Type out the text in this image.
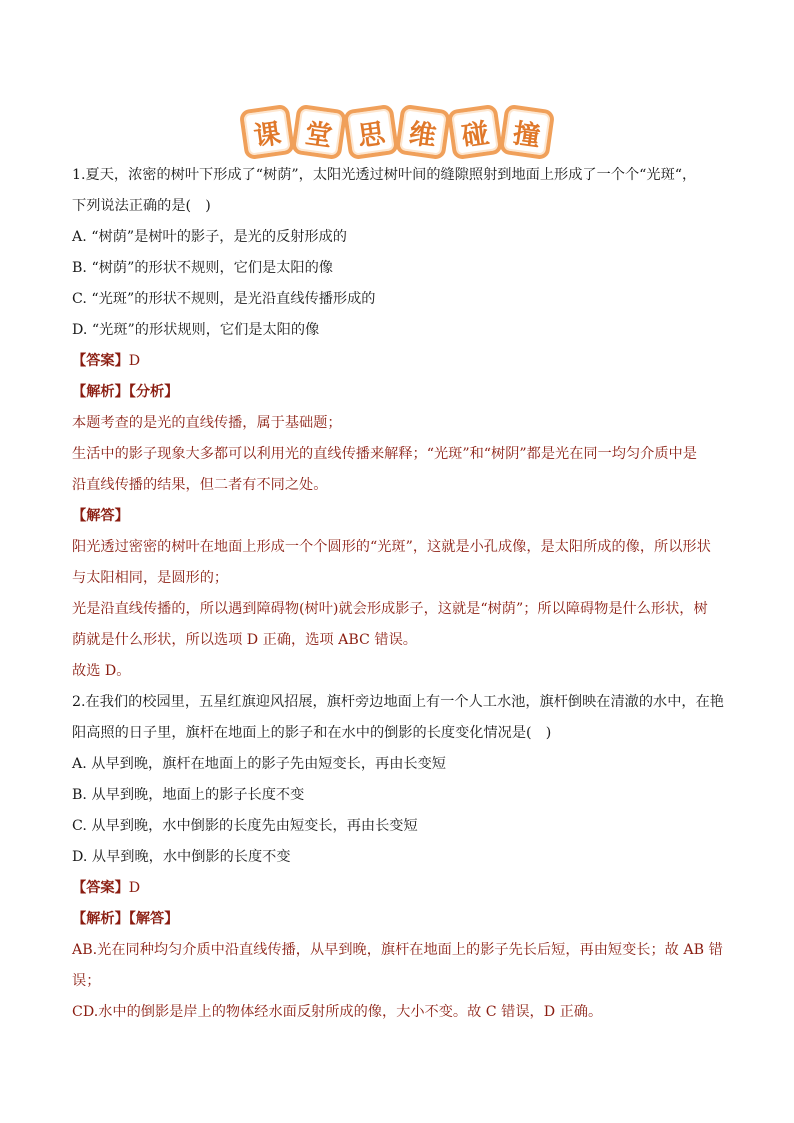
课 堂 思 维 碰 撞
1.夏天，浓密的树叶下形成了“树荫”，太阳光透过树叶间的缝隙照射到地面上形成了一个个“光斑“，
下列说法正确的是(　)
A. “树荫”是树叶的影子，是光的反射形成的
B. “树荫”的形状不规则，它们是太阳的像
C. “光斑”的形状不规则，是光沿直线传播形成的
D. “光斑”的形状规则，它们是太阳的像
【答案】D
【解析】【分析】
本题考查的是光的直线传播，属于基础题；
生活中的影子现象大多都可以利用光的直线传播来解释；“光斑”和“树阴”都是光在同一均匀介质中是
沿直线传播的结果，但二者有不同之处。
【解答】
阳光透过密密的树叶在地面上形成一个个圆形的“光斑”，这就是小孔成像，是太阳所成的像，所以形状
与太阳相同，是圆形的；
光是沿直线传播的，所以遇到障碍物(树叶)就会形成影子，这就是“树荫”；所以障碍物是什么形状，树
荫就是什么形状，所以选项 D 正确，选项 ABC 错误。
故选 D。
2.在我们的校园里，五星红旗迎风招展，旗杆旁边地面上有一个人工水池，旗杆倒映在清澈的水中，在艳
阳高照的日子里，旗杆在地面上的影子和在水中的倒影的长度变化情况是(　)
A. 从早到晚，旗杆在地面上的影子先由短变长，再由长变短
B. 从早到晚，地面上的影子长度不变
C. 从早到晚，水中倒影的长度先由短变长，再由长变短
D. 从早到晚，水中倒影的长度不变
【答案】D
【解析】【解答】
AB.光在同种均匀介质中沿直线传播，从早到晚，旗杆在地面上的影子先长后短，再由短变长；故 AB 错
误；
CD.水中的倒影是岸上的物体经水面反射所成的像，大小不变。故 C 错误，D 正确。
